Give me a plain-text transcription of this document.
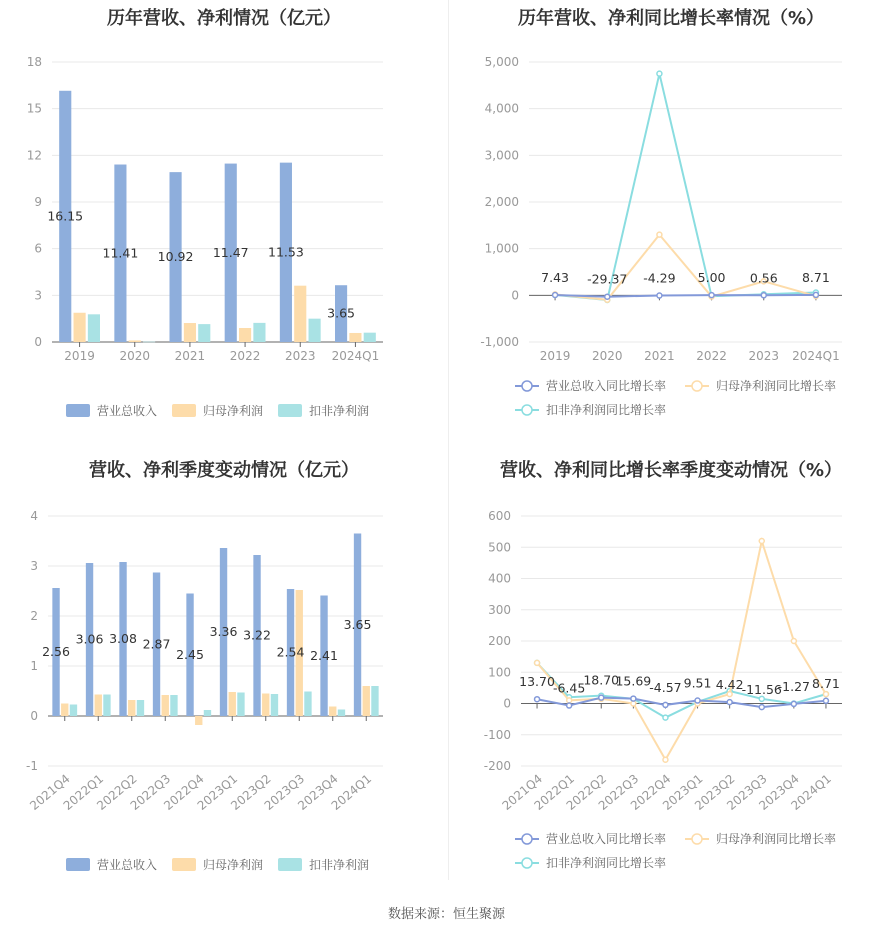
历年营收、净利情况（亿元）
0
3
6
9
12
15
18
2019 2020 2021 2022 2023 2024Q1
16.15
11.41 10.92 11.47 11.53
3.65
营业总收入	归母净利润	扣非净利润
历年营收、净利同比增长率情况（%）
-1,000
0
1,000
2,000
3,000
4,000
5,000
2019 2020 2021 2022 2023 2024Q1
7.43 -29.37 -4.29 5.00 0.56 8.71
营业总收入同比增长率	归母净利润同比增长率
扣非净利润同比增长率
营收、净利季度变动情况（亿元）
-1
0
1
2
3
4
2021Q4
2022Q1
2022Q2
2022Q3
2022Q4
2023Q1
2023Q2
2023Q3
2023Q4
2024Q1
2.56
3.06 3.08 2.87
2.45
3.36 3.22
2.54 2.41
3.65
营业总收入	归母净利润	扣非净利润
营收、净利同比增长率季度变动情况（%）
-200
-100
0
100
200
300
400
500
600
2021Q4
2022Q1
2022Q2
2022Q3
2022Q4
2023Q1
2023Q2
2023Q3
2023Q4
2024Q1
13.70
-6.45
18.70
15.69
-4.57 9.51 4.42
-11.56
-1.27 8.71
营业总收入同比增长率	归母净利润同比增长率
扣非净利润同比增长率
数据来源：恒生聚源
